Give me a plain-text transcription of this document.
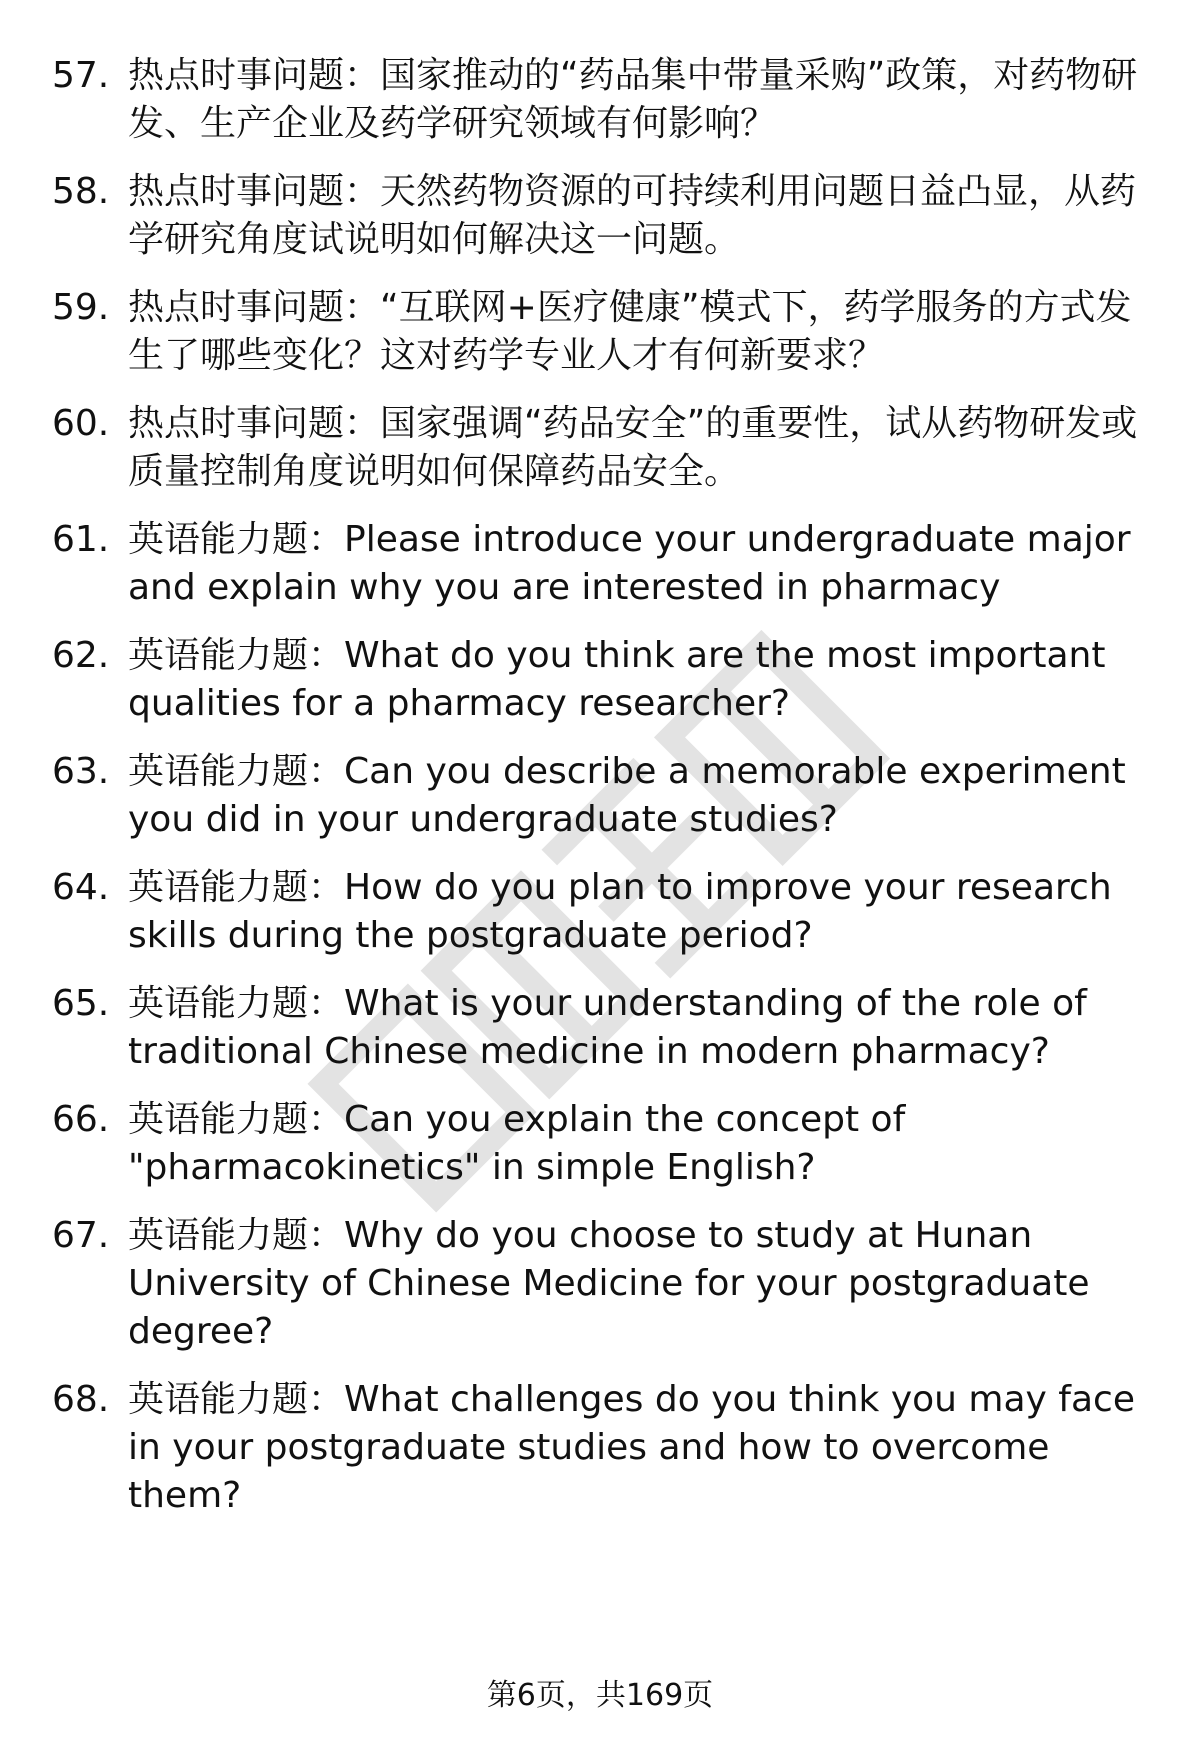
57. 热点时事问题：国家推动的“药品集中带量采购”政策，对药物研发、生产企业及药学研究领域有何影响？
58. 热点时事问题：天然药物资源的可持续利用问题日益凸显，从药学研究角度试说明如何解决这一问题。
59. 热点时事问题：“互联网+医疗健康”模式下，药学服务的方式发生了哪些变化？这对药学专业人才有何新要求？
60. 热点时事问题：国家强调“药品安全”的重要性，试从药物研发或质量控制角度说明如何保障药品安全。
61. 英语能力题：Please introduce your undergraduate major and explain why you are interested in pharmacy
62. 英语能力题：What do you think are the most important qualities for a pharmacy researcher?
63. 英语能力题：Can you describe a memorable experiment you did in your undergraduate studies?
64. 英语能力题：How do you plan to improve your research skills during the postgraduate period?
65. 英语能力题：What is your understanding of the role of traditional Chinese medicine in modern pharmacy?
66. 英语能力题：Can you explain the concept of "pharmacokinetics" in simple English?
67. 英语能力题：Why do you choose to study at Hunan University of Chinese Medicine for your postgraduate degree?
68. 英语能力题：What challenges do you think you may face in your postgraduate studies and how to overcome them?
第6页，共169页
